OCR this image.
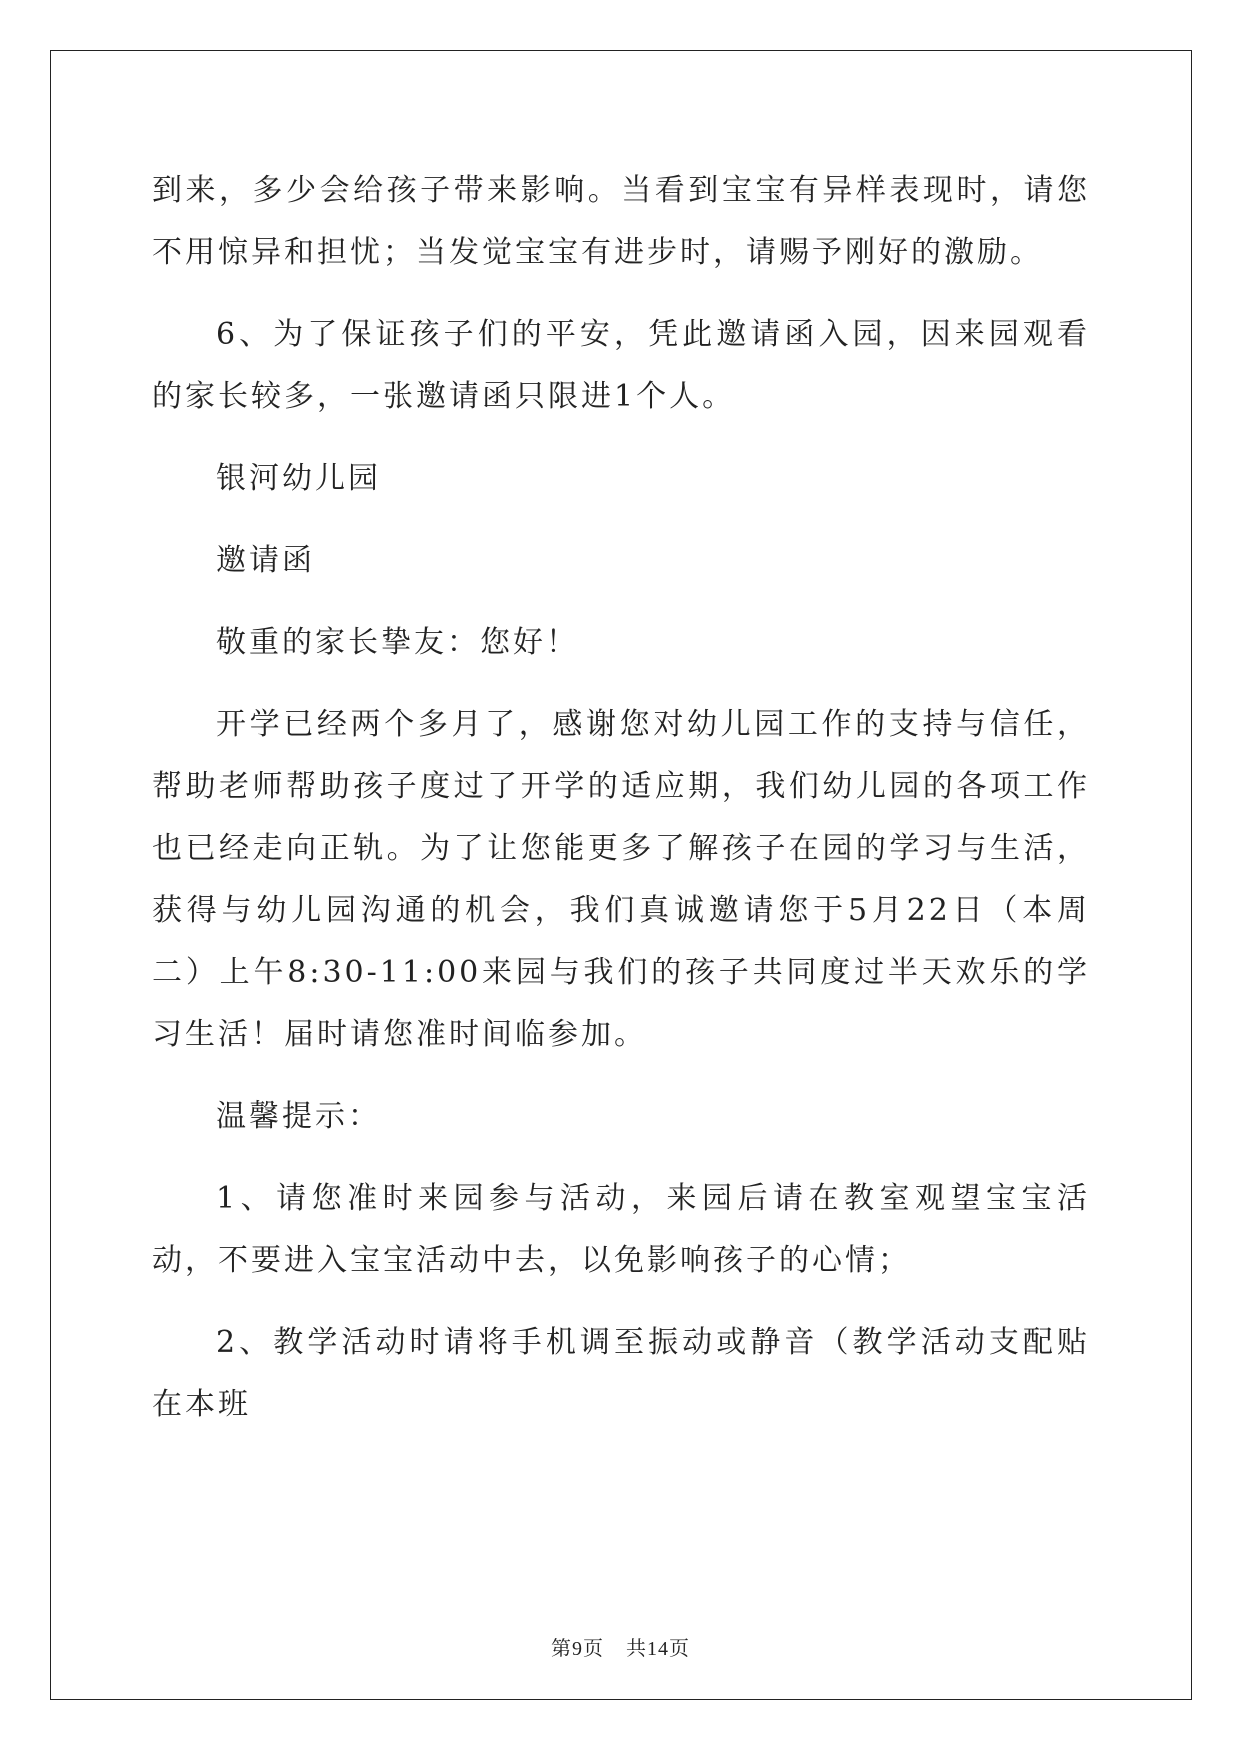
到来，多少会给孩子带来影响。当看到宝宝有异样表现时，请您不用惊异和担忧；当发觉宝宝有进步时，请赐予刚好的激励。

6、为了保证孩子们的平安，凭此邀请函入园，因来园观看的家长较多，一张邀请函只限进1个人。

银河幼儿园

邀请函

敬重的家长挚友：您好！

开学已经两个多月了，感谢您对幼儿园工作的支持与信任，帮助老师帮助孩子度过了开学的适应期，我们幼儿园的各项工作也已经走向正轨。为了让您能更多了解孩子在园的学习与生活，获得与幼儿园沟通的机会，我们真诚邀请您于5月22日（本周二）上午8:30-11:00来园与我们的孩子共同度过半天欢乐的学习生活！届时请您准时间临参加。

温馨提示：

1、请您准时来园参与活动，来园后请在教室观望宝宝活动，不要进入宝宝活动中去，以免影响孩子的心情；

2、教学活动时请将手机调至振动或静音（教学活动支配贴在本班

第9页 共14页
